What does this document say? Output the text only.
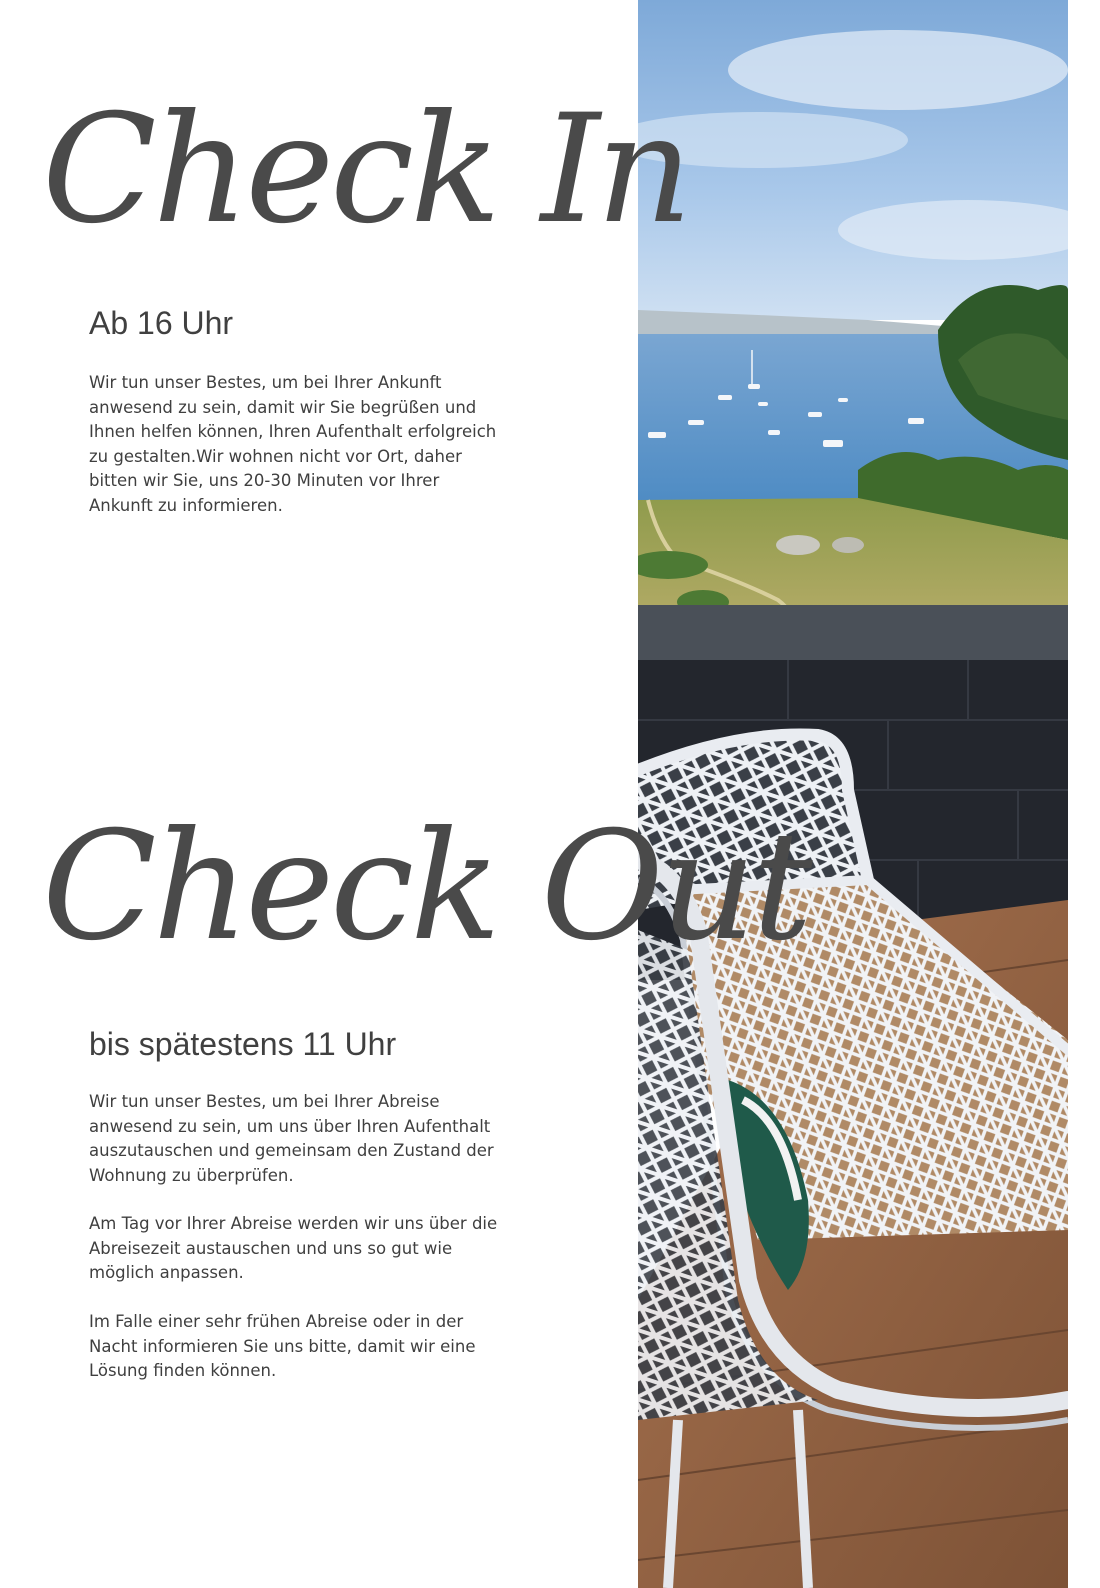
Check In
Ab 16 Uhr

Wir tun unser Bestes, um bei Ihrer Ankunft anwesend zu sein, damit wir Sie begrüßen und Ihnen helfen können, Ihren Aufenthalt erfolgreich zu gestalten.Wir wohnen nicht vor Ort, daher bitten wir Sie, uns 20-30 Minuten vor Ihrer Ankunft zu informieren.

Check Out
bis spätestens 11 Uhr

Wir tun unser Bestes, um bei Ihrer Abreise anwesend zu sein, um uns über Ihren Aufenthalt auszutauschen und gemeinsam den Zustand der Wohnung zu überprüfen.

Am Tag vor Ihrer Abreise werden wir uns über die Abreisezeit austauschen und uns so gut wie möglich anpassen.

Im Falle einer sehr frühen Abreise oder in der Nacht informieren Sie uns bitte, damit wir eine Lösung finden können.
